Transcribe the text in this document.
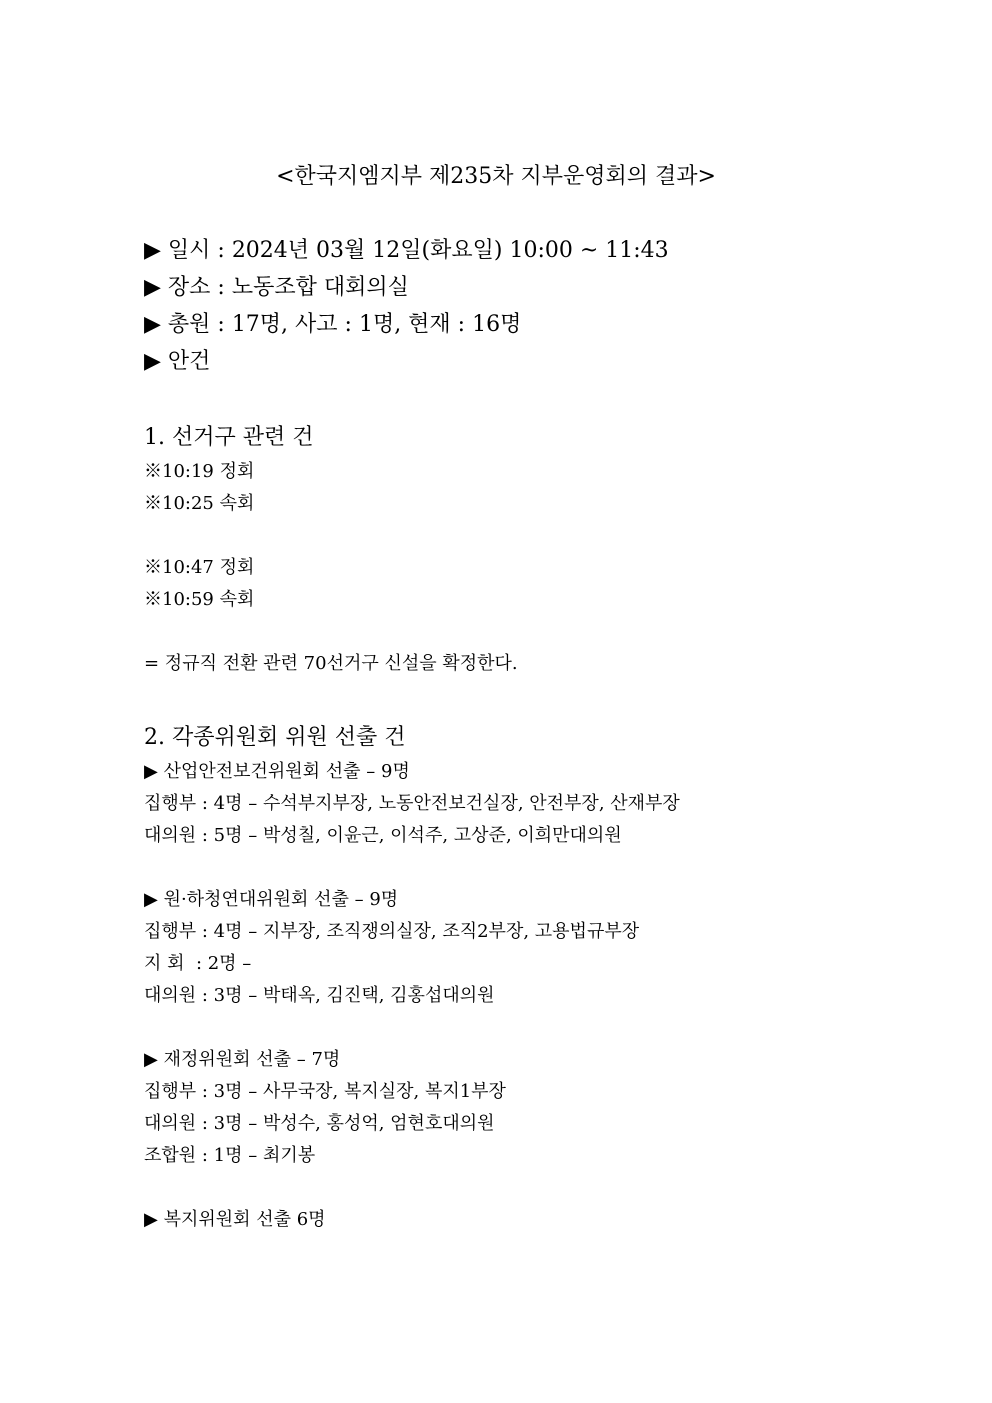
<한국지엠지부 제235차 지부운영회의 결과>
▶ 일시 : 2024년 03월 12일(화요일) 10:00 ~ 11:43
▶ 장소 : 노동조합 대회의실
▶ 총원 : 17명, 사고 : 1명, 현재 : 16명
▶ 안건
1. 선거구 관련 건
※10:19 정회
※10:25 속회
※10:47 정회
※10:59 속회
= 정규직 전환 관련 70선거구 신설을 확정한다.
2. 각종위원회 위원 선출 건
▶ 산업안전보건위원회 선출 – 9명
집행부 : 4명 – 수석부지부장, 노동안전보건실장, 안전부장, 산재부장
대의원 : 5명 – 박성칠, 이윤근, 이석주, 고상준, 이희만대의원
▶ 원·하청연대위원회 선출 – 9명
집행부 : 4명 – 지부장, 조직쟁의실장, 조직2부장, 고용법규부장
지 회  : 2명 –
대의원 : 3명 – 박태옥, 김진택, 김홍섭대의원
▶ 재정위원회 선출 – 7명
집행부 : 3명 – 사무국장, 복지실장, 복지1부장
대의원 : 3명 – 박성수, 홍성억, 엄현호대의원
조합원 : 1명 – 최기봉
▶ 복지위원회 선출 6명
